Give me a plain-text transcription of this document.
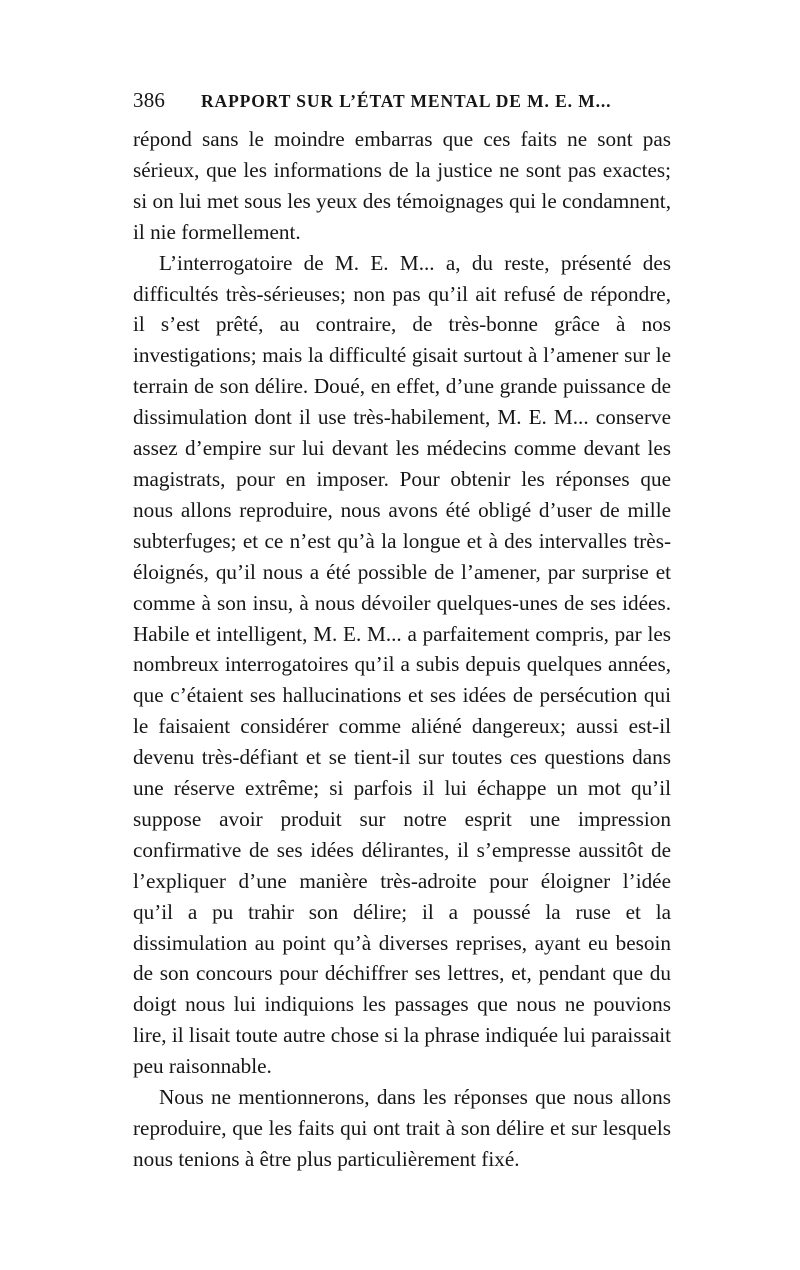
386	RAPPORT SUR L’ÉTAT MENTAL DE M. E. M...

répond sans le moindre embarras que ces faits ne sont pas sérieux, que les informations de la justice ne sont pas exactes; si on lui met sous les yeux des témoignages qui le condamnent, il nie formellement.

L’interrogatoire de M. E. M... a, du reste, présenté des difficultés très-sérieuses; non pas qu’il ait refusé de répondre, il s’est prêté, au contraire, de très-bonne grâce à nos investigations; mais la difficulté gisait surtout à l’amener sur le terrain de son délire. Doué, en effet, d’une grande puissance de dissimulation dont il use très-habilement, M. E. M... conserve assez d’empire sur lui devant les médecins comme devant les magistrats, pour en imposer. Pour obtenir les réponses que nous allons reproduire, nous avons été obligé d’user de mille subterfuges; et ce n’est qu’à la longue et à des intervalles très-éloignés, qu’il nous a été possible de l’amener, par surprise et comme à son insu, à nous dévoiler quelques-unes de ses idées. Habile et intelligent, M. E. M... a parfaitement compris, par les nombreux interrogatoires qu’il a subis depuis quelques années, que c’étaient ses hallucinations et ses idées de persécution qui le faisaient considérer comme aliéné dangereux; aussi est-il devenu très-défiant et se tient-il sur toutes ces questions dans une réserve extrême; si parfois il lui échappe un mot qu’il suppose avoir produit sur notre esprit une impression confirmative de ses idées délirantes, il s’empresse aussitôt de l’expliquer d’une manière très-adroite pour éloigner l’idée qu’il a pu trahir son délire; il a poussé la ruse et la dissimulation au point qu’à diverses reprises, ayant eu besoin de son concours pour déchiffrer ses lettres, et, pendant que du doigt nous lui indiquions les passages que nous ne pouvions lire, il lisait toute autre chose si la phrase indiquée lui paraissait peu raisonnable.

Nous ne mentionnerons, dans les réponses que nous allons reproduire, que les faits qui ont trait à son délire et sur lesquels nous tenions à être plus particulièrement fixé.
